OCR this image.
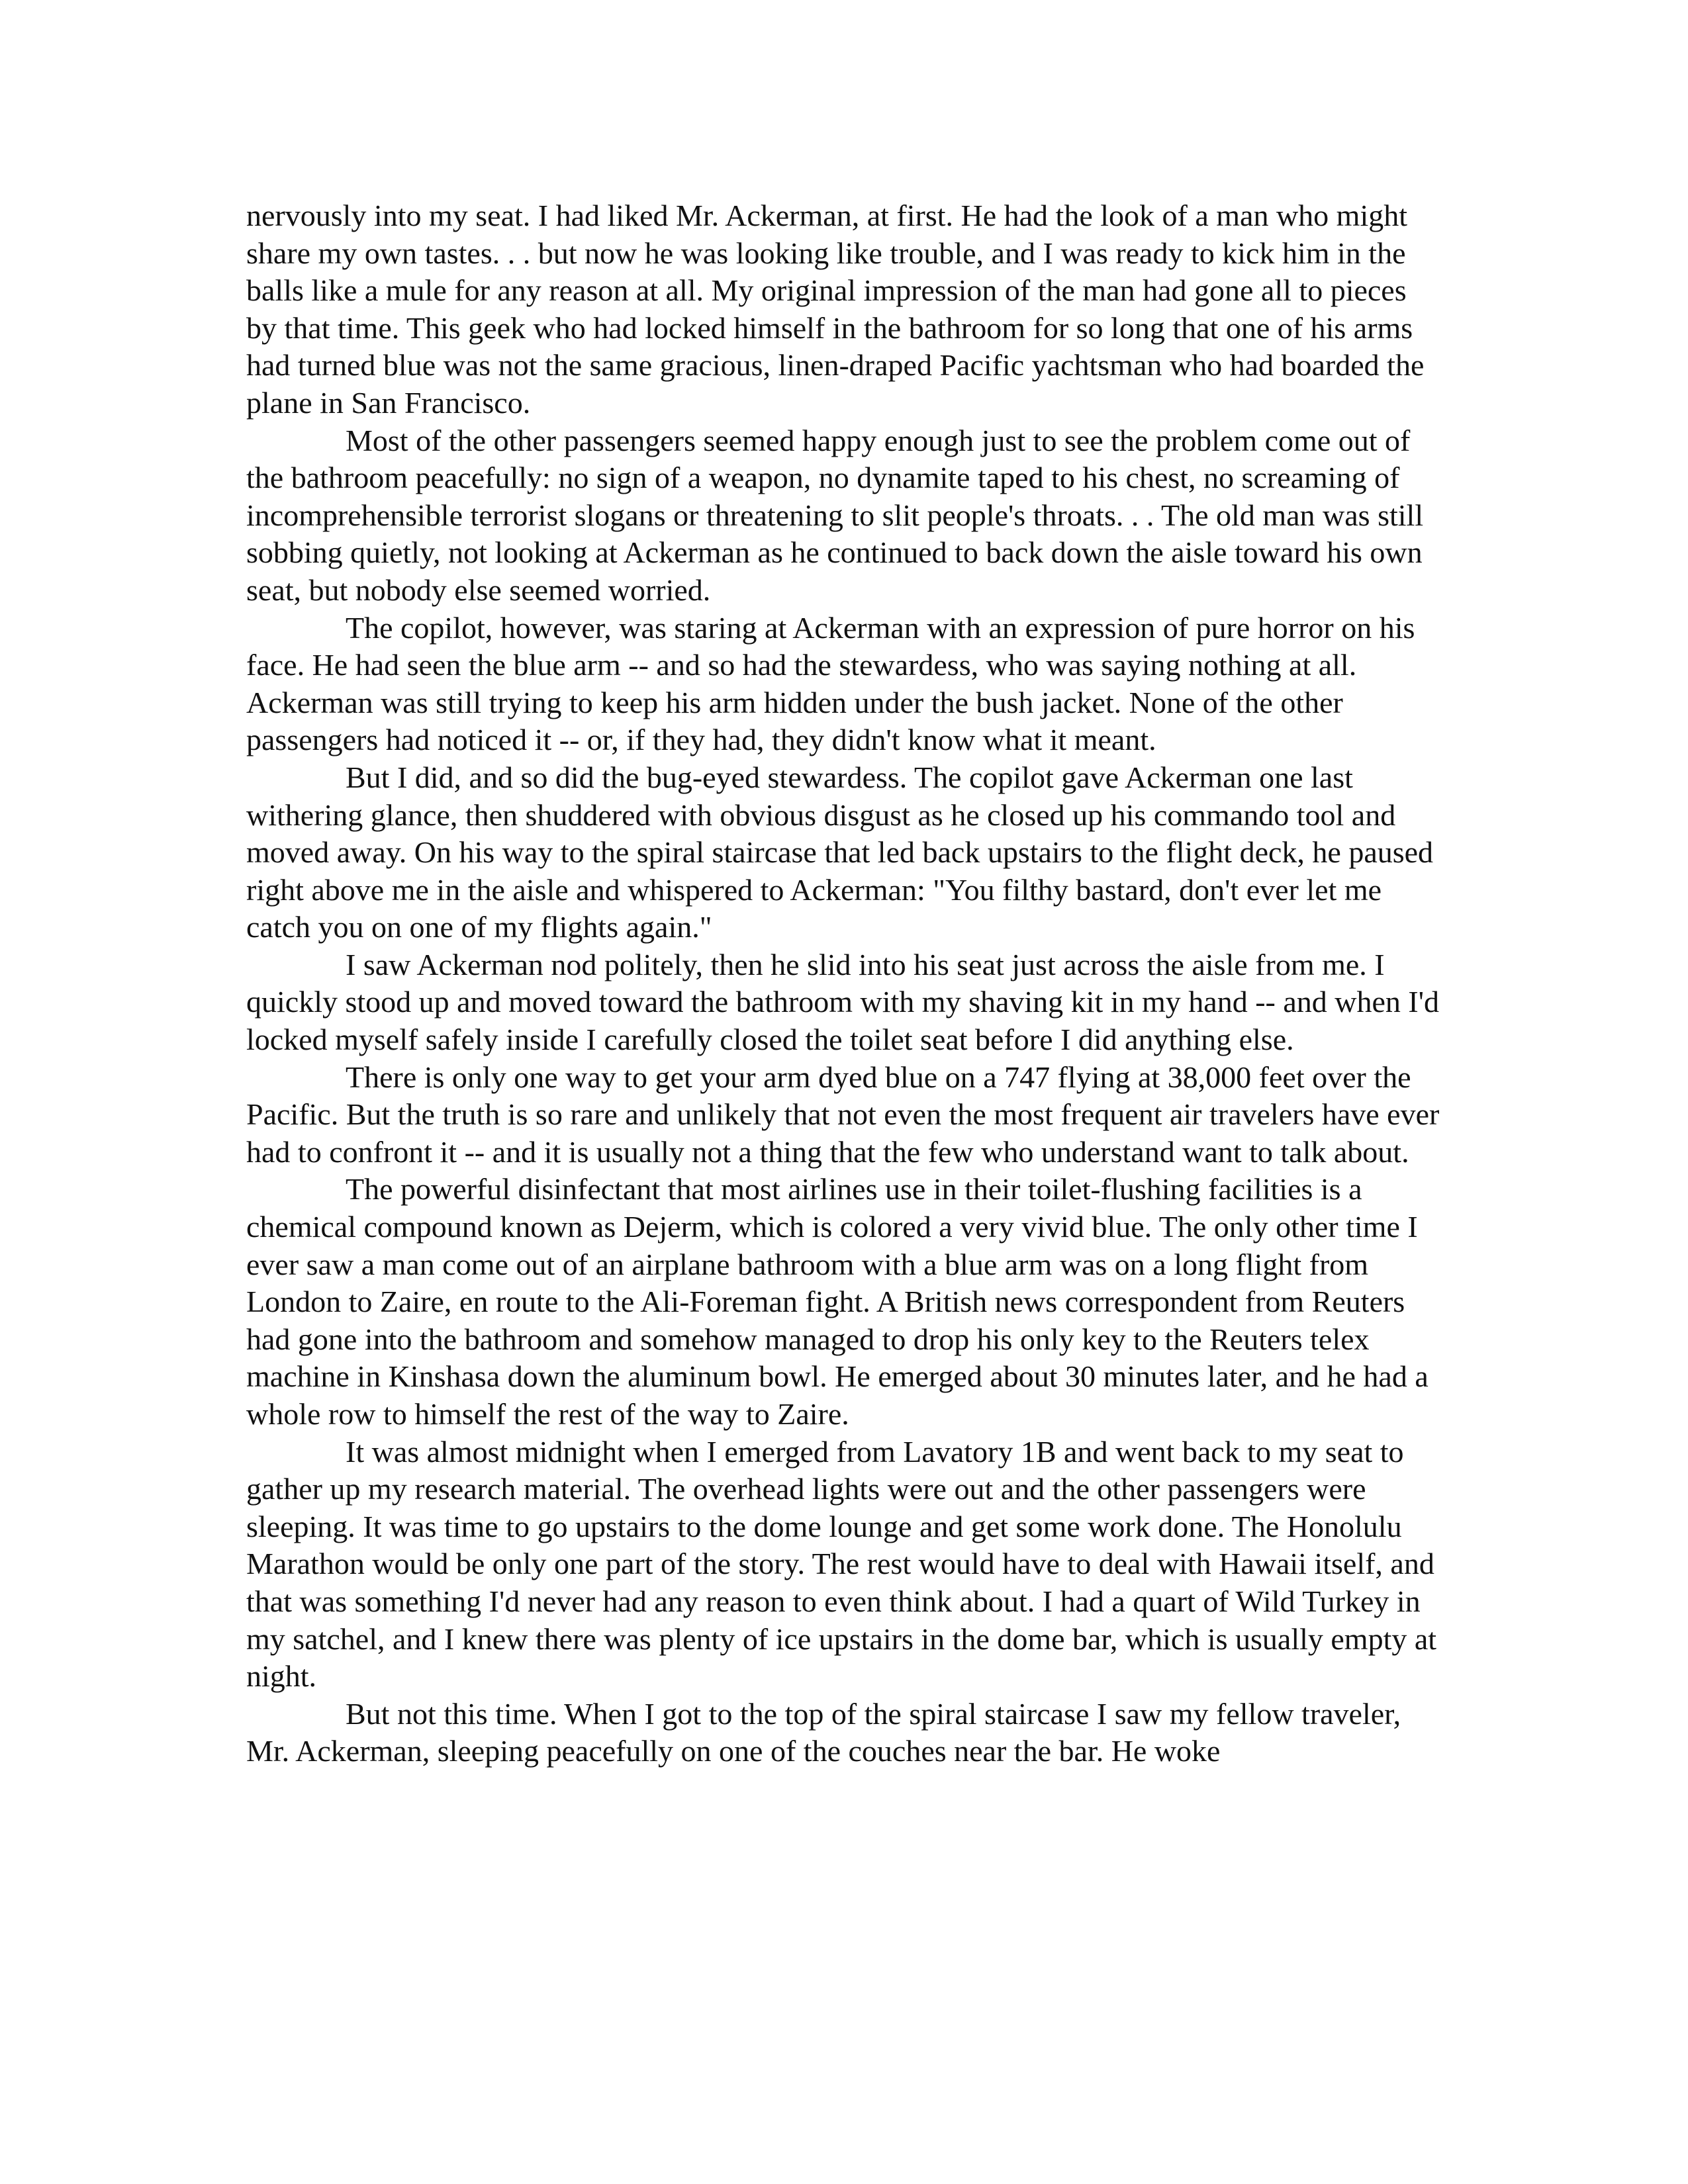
nervously into my seat. I had liked Mr. Ackerman, at first. He had the look of a man who might share my own tastes. . . but now he was looking like trouble, and I was ready to kick him in the balls like a mule for any reason at all. My original impression of the man had gone all to pieces by that time. This geek who had locked himself in the bathroom for so long that one of his arms had turned blue was not the same gracious, linen-draped Pacific yachtsman who had boarded the plane in San Francisco.

Most of the other passengers seemed happy enough just to see the problem come out of the bathroom peacefully: no sign of a weapon, no dynamite taped to his chest, no screaming of incomprehensible terrorist slogans or threatening to slit people's throats. . . The old man was still sobbing quietly, not looking at Ackerman as he continued to back down the aisle toward his own seat, but nobody else seemed worried.

The copilot, however, was staring at Ackerman with an expression of pure horror on his face. He had seen the blue arm -- and so had the stewardess, who was saying nothing at all. Ackerman was still trying to keep his arm hidden under the bush jacket. None of the other passengers had noticed it -- or, if they had, they didn't know what it meant.

But I did, and so did the bug-eyed stewardess. The copilot gave Ackerman one last withering glance, then shuddered with obvious disgust as he closed up his commando tool and moved away. On his way to the spiral staircase that led back upstairs to the flight deck, he paused right above me in the aisle and whispered to Ackerman: "You filthy bastard, don't ever let me catch you on one of my flights again."

I saw Ackerman nod politely, then he slid into his seat just across the aisle from me. I quickly stood up and moved toward the bathroom with my shaving kit in my hand -- and when I'd locked myself safely inside I carefully closed the toilet seat before I did anything else.

There is only one way to get your arm dyed blue on a 747 flying at 38,000 feet over the Pacific. But the truth is so rare and unlikely that not even the most frequent air travelers have ever had to confront it -- and it is usually not a thing that the few who understand want to talk about.

The powerful disinfectant that most airlines use in their toilet-flushing facilities is a chemical compound known as Dejerm, which is colored a very vivid blue. The only other time I ever saw a man come out of an airplane bathroom with a blue arm was on a long flight from London to Zaire, en route to the Ali-Foreman fight. A British news correspondent from Reuters had gone into the bathroom and somehow managed to drop his only key to the Reuters telex machine in Kinshasa down the aluminum bowl. He emerged about 30 minutes later, and he had a whole row to himself the rest of the way to Zaire.

It was almost midnight when I emerged from Lavatory 1B and went back to my seat to gather up my research material. The overhead lights were out and the other passengers were sleeping. It was time to go upstairs to the dome lounge and get some work done. The Honolulu Marathon would be only one part of the story. The rest would have to deal with Hawaii itself, and that was something I'd never had any reason to even think about. I had a quart of Wild Turkey in my satchel, and I knew there was plenty of ice upstairs in the dome bar, which is usually empty at night.

But not this time. When I got to the top of the spiral staircase I saw my fellow traveler, Mr. Ackerman, sleeping peacefully on one of the couches near the bar. He woke
